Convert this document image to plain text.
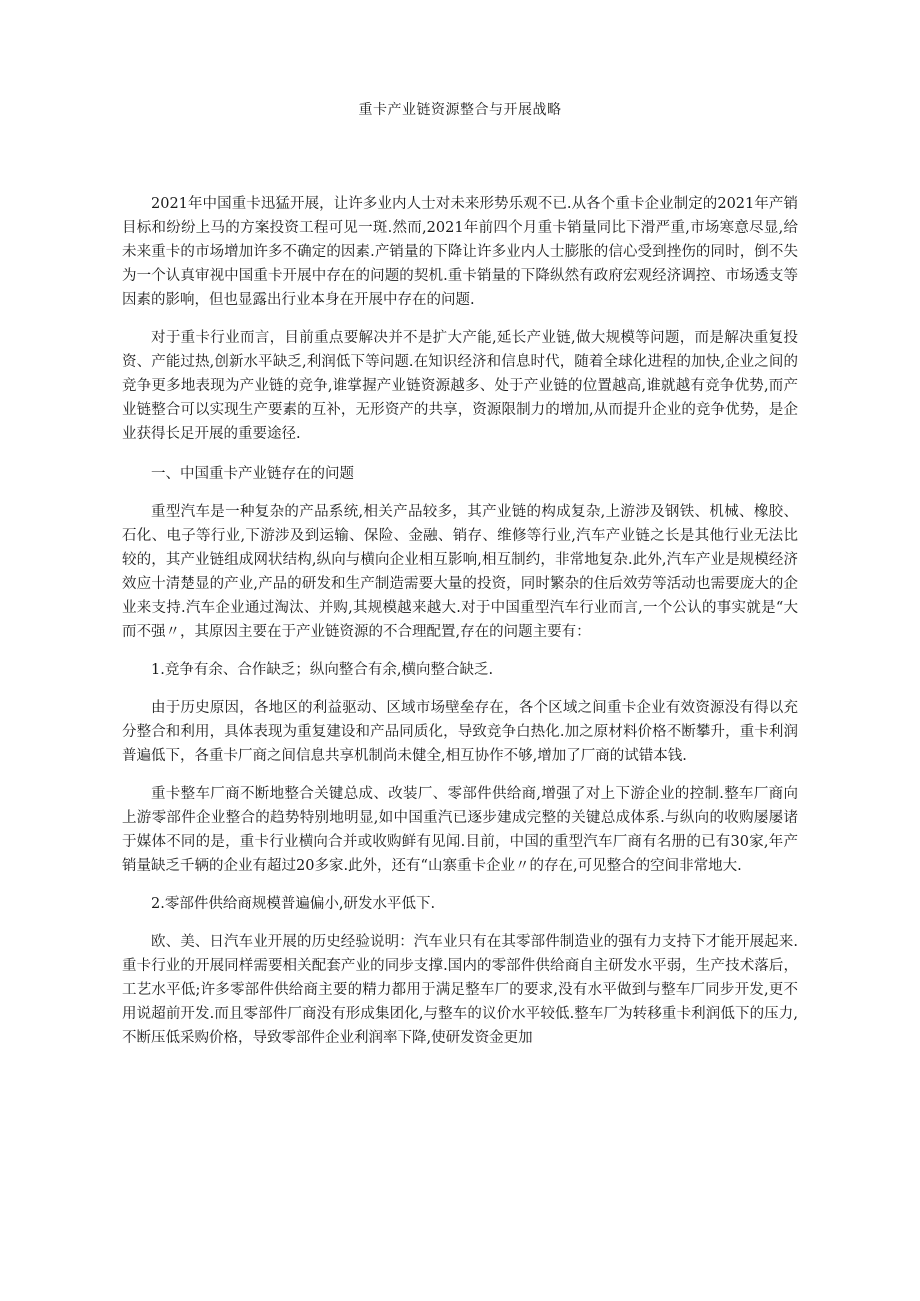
重卡产业链资源整合与开展战略

2021年中国重卡迅猛开展，让许多业内人士对未来形势乐观不已.从各个重卡企业制定的2021年产销目标和纷纷上马的方案投资工程可见一斑.然而,2021年前四个月重卡销量同比下滑严重,市场寒意尽显,给未来重卡的市场增加许多不确定的因素.产销量的下降让许多业内人士膨胀的信心受到挫伤的同时，倒不失为一个认真审视中国重卡开展中存在的问题的契机.重卡销量的下降纵然有政府宏观经济调控、市场透支等因素的影响，但也显露出行业本身在开展中存在的问题.

对于重卡行业而言，目前重点要解决并不是扩大产能,延长产业链,做大规模等问题，而是解决重复投资、产能过热,创新水平缺乏,利润低下等问题.在知识经济和信息时代，随着全球化进程的加快,企业之间的竞争更多地表现为产业链的竞争,谁掌握产业链资源越多、处于产业链的位置越高,谁就越有竞争优势,而产业链整合可以实现生产要素的互补，无形资产的共享，资源限制力的增加,从而提升企业的竞争优势，是企业获得长足开展的重要途径.

一、中国重卡产业链存在的问题

重型汽车是一种复杂的产品系统,相关产品较多，其产业链的构成复杂,上游涉及钢铁、机械、橡胶、石化、电子等行业,下游涉及到运输、保险、金融、销存、维修等行业,汽车产业链之长是其他行业无法比较的，其产业链组成网状结构,纵向与横向企业相互影响,相互制约，非常地复杂.此外,汽车产业是规模经济效应十清楚显的产业,产品的研发和生产制造需要大量的投资，同时繁杂的住后效劳等活动也需要庞大的企业来支持.汽车企业通过淘汰、并购,其规模越来越大.对于中国重型汽车行业而言,一个公认的事实就是“大而不强〃，其原因主要在于产业链资源的不合理配置,存在的问题主要有：

1.竞争有余、合作缺乏；纵向整合有余,横向整合缺乏.

由于历史原因，各地区的利益驱动、区域市场壁垒存在，各个区域之间重卡企业有效资源没有得以充分整合和利用，具体表现为重复建设和产品同质化，导致竞争白热化.加之原材料价格不断攀升，重卡利润普遍低下，各重卡厂商之间信息共享机制尚未健全,相互协作不够,增加了厂商的试错本钱.

重卡整车厂商不断地整合关键总成、改装厂、零部件供给商,增强了对上下游企业的控制.整车厂商向上游零部件企业整合的趋势特别地明显,如中国重汽已逐步建成完整的关键总成体系.与纵向的收购屡屡诸于媒体不同的是，重卡行业横向合并或收购鲜有见闻.目前，中国的重型汽车厂商有名册的已有30家,年产销量缺乏千辆的企业有超过20多家.此外，还有“山寨重卡企业〃的存在,可见整合的空间非常地大.

2.零部件供给商规模普遍偏小,研发水平低下.

欧、美、日汽车业开展的历史经验说明：汽车业只有在其零部件制造业的强有力支持下才能开展起来.重卡行业的开展同样需要相关配套产业的同步支撑.国内的零部件供给商自主研发水平弱，生产技术落后，工艺水平低;许多零部件供给商主要的精力都用于满足整车厂的要求,没有水平做到与整车厂同步开发,更不用说超前开发.而且零部件厂商没有形成集团化,与整车的议价水平较低.整车厂为转移重卡利润低下的压力,不断压低采购价格，导致零部件企业利润率下降,使研发资金更加
